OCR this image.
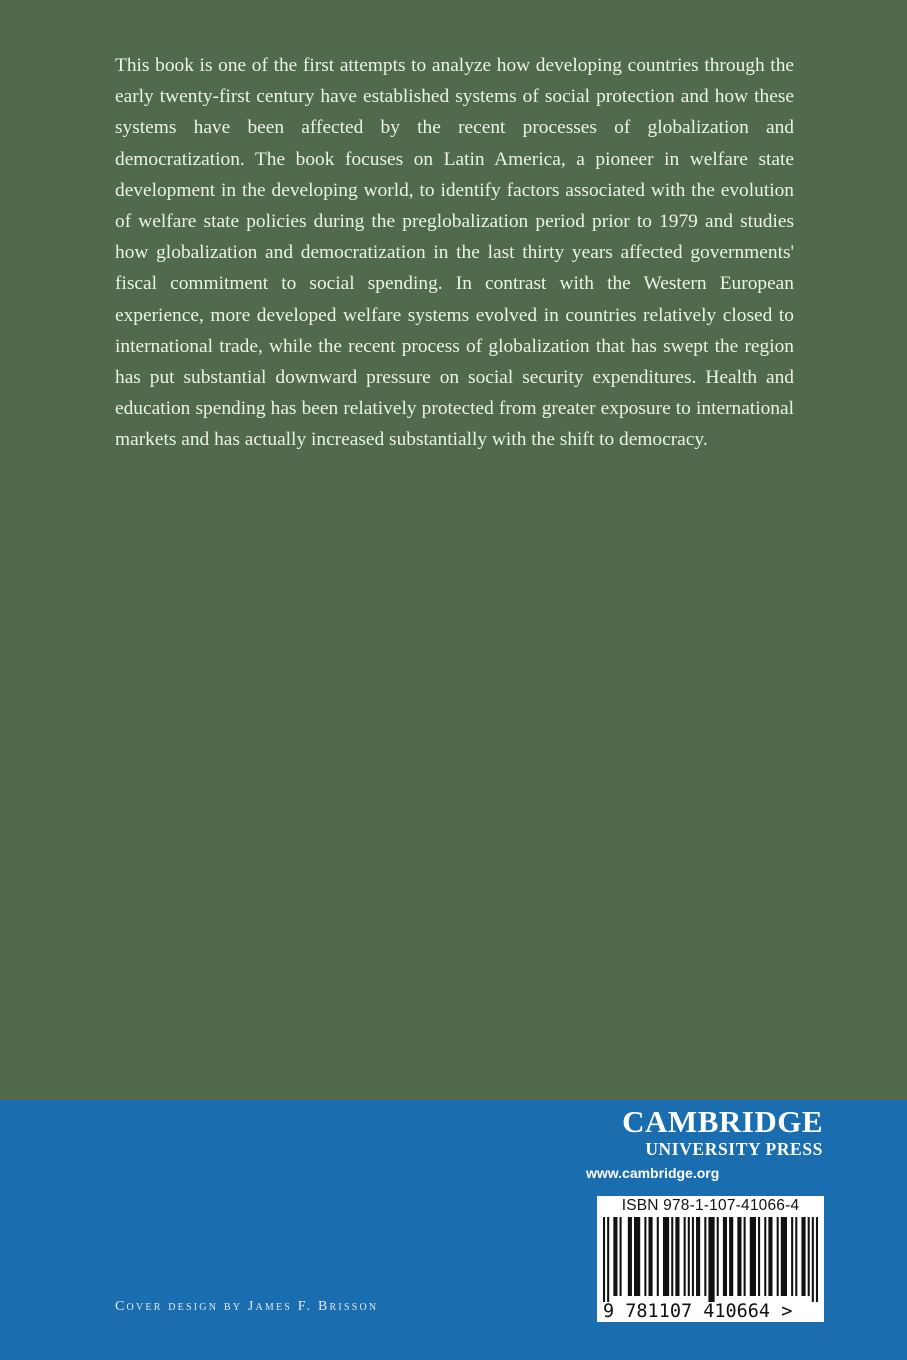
This book is one of the first attempts to analyze how developing countries through the early twenty-first century have established systems of social protection and how these systems have been affected by the recent processes of globalization and democratization. The book focuses on Latin America, a pioneer in welfare state development in the developing world, to identify factors associated with the evolution of welfare state policies during the preglobalization period prior to 1979 and studies how globalization and democratization in the last thirty years affected governments' fiscal commitment to social spending. In contrast with the Western European experience, more developed welfare systems evolved in countries relatively closed to international trade, while the recent process of globalization that has swept the region has put substantial downward pressure on social security expenditures. Health and education spending has been relatively protected from greater exposure to international markets and has actually increased substantially with the shift to democracy.

CAMBRIDGE
UNIVERSITY PRESS
www.cambridge.org
ISBN 978-1-107-41066-4
9 781107 410664 >
Cover design by James F. Brisson
